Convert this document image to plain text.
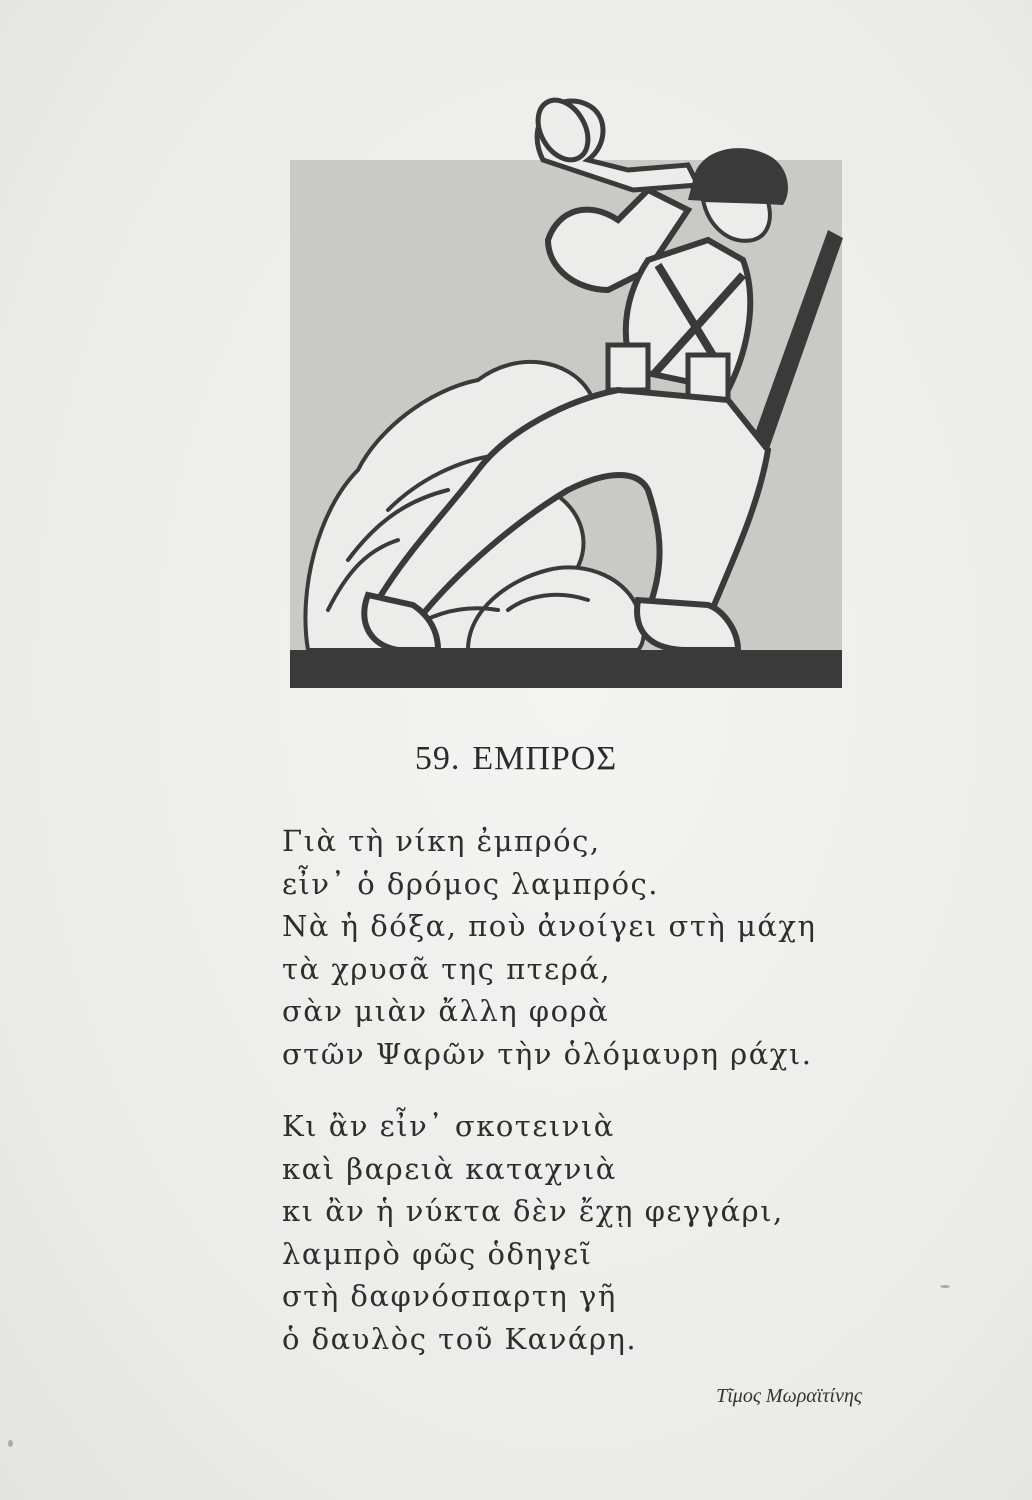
59. ΕΜΠΡΟΣ
Γιὰ τὴ νίκη ἐμπρός,
εἶν᾽ ὁ δρόμος λαμπρός.
Νὰ ἡ δόξα, ποὺ ἀνοίγει στὴ μάχη
τὰ χρυσᾶ της πτερά,
σὰν μιὰν ἄλλη φορὰ
στῶν Ψαρῶν τὴν ὁλόμαυρη ράχι.
Κι ἂν εἶν᾽ σκοτεινιὰ
καὶ βαρειὰ καταχνιὰ
κι ἂν ἡ νύκτα δὲν ἔχῃ φεγγάρι,
λαμπρὸ φῶς ὁδηγεῖ
στὴ δαφνόσπαρτη γῆ
ὁ δαυλὸς τοῦ Κανάρη.
Τῖμος Μωραϊτίνης
